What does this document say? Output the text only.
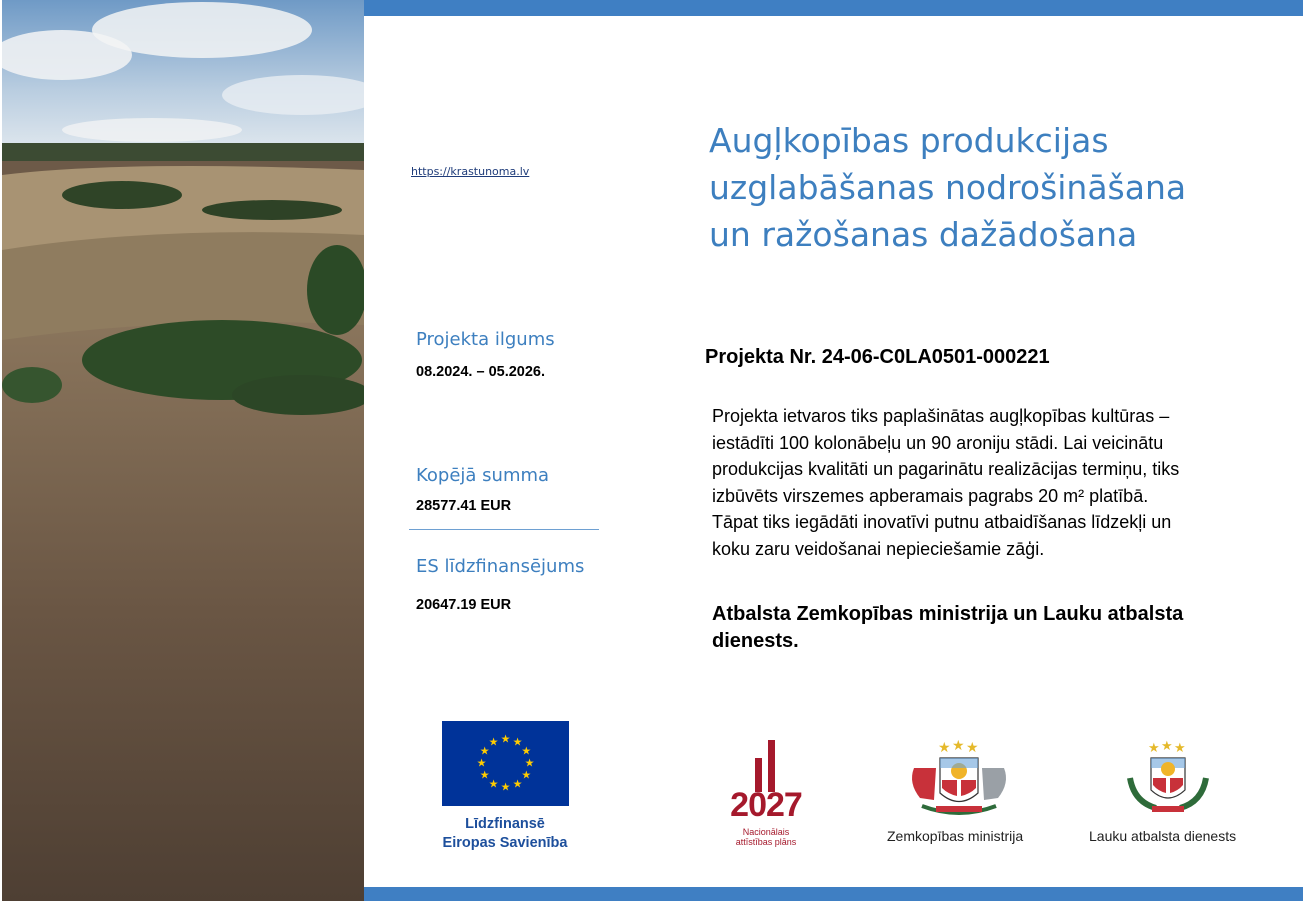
https://krastunoma.lv
Augļkopības produkcijas
uzglabāšanas nodrošināšana
un ražošanas dažādošana
Projekta ilgums
08.2024. – 05.2026.
Kopējā summa
28577.41 EUR
ES līdzfinansējums
20647.19 EUR
Projekta Nr. 24-06-C0LA0501-000221

Projekta ietvaros tiks paplašinātas augļkopības kultūras – iestādīti 100 kolonābeļu un 90 aroniju stādi. Lai veicinātu produkcijas kvalitāti un pagarinātu realizācijas termiņu, tiks izbūvēts virszemes apberamais pagrabs 20 m² platībā. Tāpat tiks iegādāti inovatīvi putnu atbaidīšanas līdzekļi un koku zaru veidošanai nepieciešamie zāģi.

Atbalsta Zemkopības ministrija un Lauku atbalsta dienests.

★ ★
★
★
★
★
★
★
★
★
★
★
Līdzfinansē
Eiropas Savienība
2027
Nacionālais
attīstības plāns
★ ★ ★
Zemkopības ministrija
★ ★ ★
Lauku atbalsta dienests
